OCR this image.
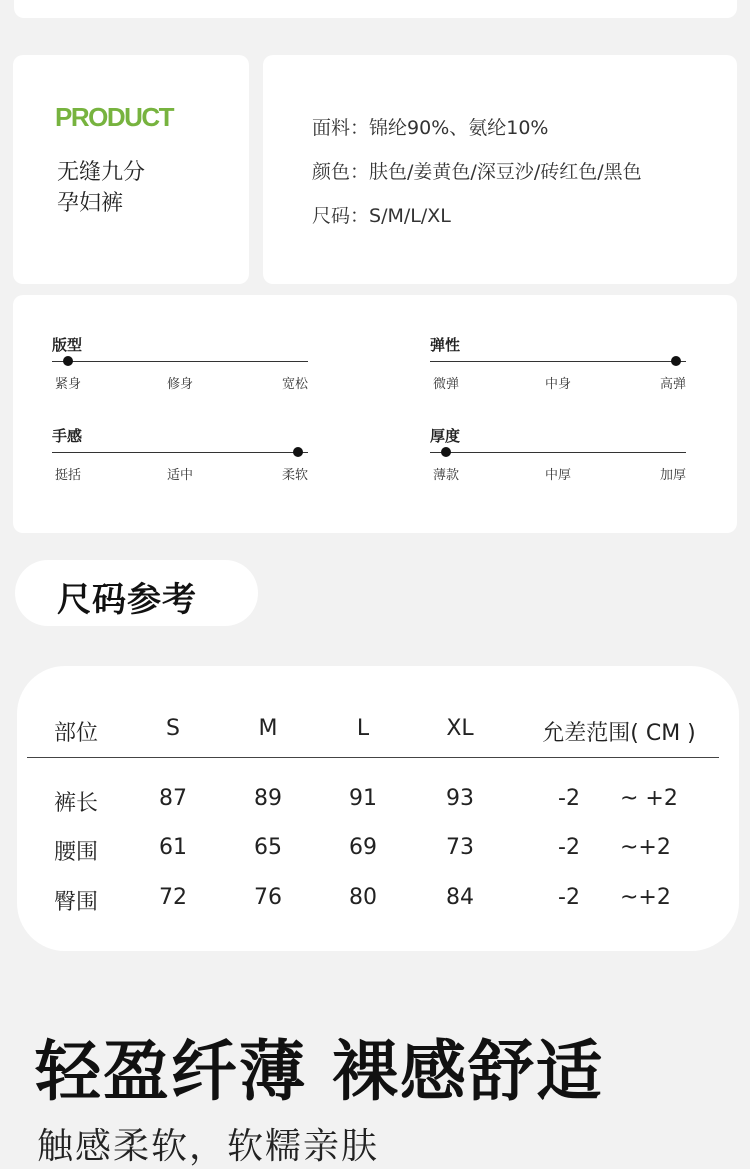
PRODUCT
无缝九分
孕妇裤
面料：锦纶90%、氨纶10%
颜色：肤色/姜黄色/深豆沙/砖红色/黑色
尺码：S/M/L/XL
版型
紧身	修身	宽松
弹性
微弹	中身	高弹
手感
挺括	适中	柔软
厚度
薄款	中厚	加厚
尺码参考
部位	S	M	L	XL	允差范围( CM )
裤长	87	89	91	93	-2 ~ +2
腰围	61	65	69	73	-2 ~+2
臀围	72	76	80	84	-2 ~+2
轻盈纤薄 裸感舒适
触感柔软，软糯亲肤
